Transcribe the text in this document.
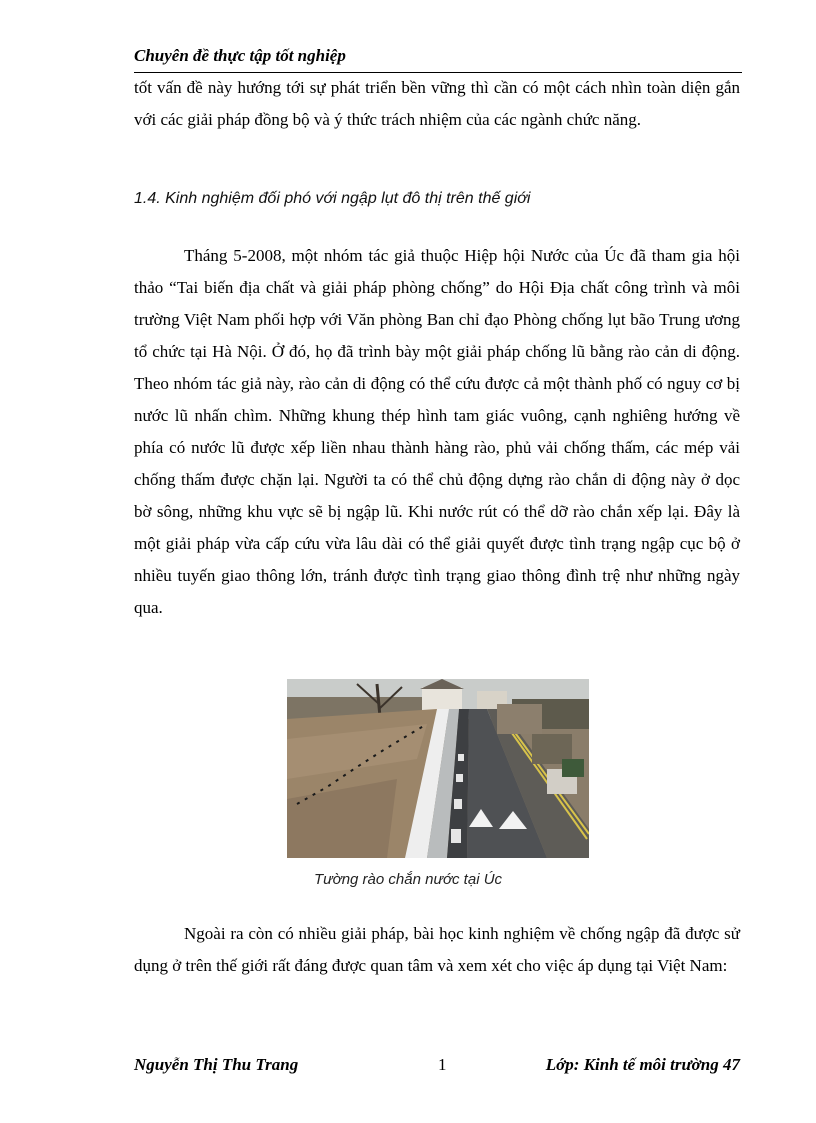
Chuyên đề thực tập tốt nghiệp

tốt vấn đề này hướng tới sự phát triển bền vững thì cần có một cách nhìn toàn diện gắn với các giải pháp đồng bộ và ý thức trách nhiệm của các ngành chức năng.

1.4. Kinh nghiệm đối phó với ngập lụt đô thị trên thế giới

Tháng 5-2008, một nhóm tác giả thuộc Hiệp hội Nước của Úc đã tham gia hội thảo “Tai biến địa chất và giải pháp phòng chống” do Hội Địa chất công trình và môi trường Việt Nam phối hợp với Văn phòng Ban chỉ đạo Phòng chống lụt bão Trung ương tổ chức tại Hà Nội. Ở đó, họ đã trình bày một giải pháp chống lũ bằng rào cản di động. Theo nhóm tác giả này, rào cản di động có thể cứu được cả một thành phố có nguy cơ bị nước lũ nhấn chìm. Những khung thép hình tam giác vuông, cạnh nghiêng hướng về phía có nước lũ được xếp liền nhau thành hàng rào, phủ vải chống thấm, các mép vải chống thấm được chặn lại. Người ta có thể chủ động dựng rào chắn di động này ở dọc bờ sông, những khu vực sẽ bị ngập lũ. Khi nước rút có thể dỡ rào chắn xếp lại. Đây là một giải pháp vừa cấp cứu vừa lâu dài có thể giải quyết được tình trạng ngập cục bộ ở nhiều tuyến giao thông lớn, tránh được tình trạng giao thông đình trệ như những ngày qua.

Tường rào chắn nước tại Úc

Ngoài ra còn có nhiều giải pháp, bài học kinh nghiệm về chống ngập đã được sử dụng ở trên thế giới rất đáng được quan tâm và xem xét cho việc áp dụng tại Việt Nam:

Nguyễn Thị Thu Trang	1	Lớp: Kinh tế môi trường 47
